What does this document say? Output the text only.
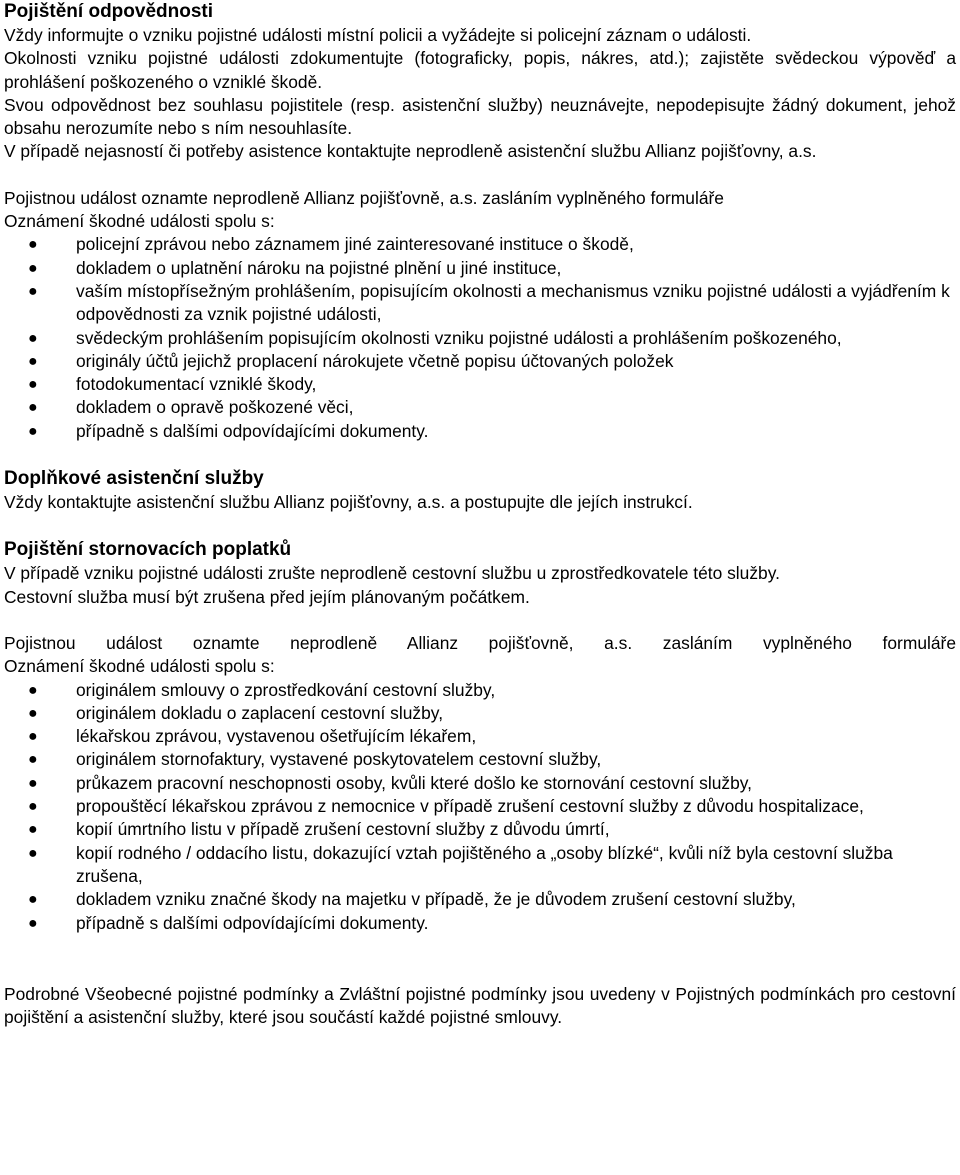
Pojištění odpovědnosti

Vždy informujte o vzniku pojistné události místní policii a vyžádejte si policejní záznam o události.

Okolnosti vzniku pojistné události zdokumentujte (fotograficky, popis, nákres, atd.); zajistěte svědeckou výpověď a prohlášení poškozeného o vzniklé škodě.

Svou odpovědnost bez souhlasu pojistitele (resp. asistenční služby) neuznávejte, nepodepisujte žádný dokument, jehož obsahu nerozumíte nebo s ním nesouhlasíte.

V případě nejasností či potřeby asistence kontaktujte neprodleně asistenční službu Allianz pojišťovny, a.s.

Pojistnou událost oznamte neprodleně Allianz pojišťovně, a.s. zasláním vyplněného formuláře

Oznámení škodné události spolu s:

● policejní zprávou nebo záznamem jiné zainteresované instituce o škodě,
● dokladem o uplatnění nároku na pojistné plnění u jiné instituce,
● vaším místopřísežným prohlášením, popisujícím okolnosti a mechanismus vzniku pojistné události a vyjádřením k odpovědnosti za vznik pojistné události,
● svědeckým prohlášením popisujícím okolnosti vzniku pojistné události a prohlášením poškozeného,
● originály účtů jejichž proplacení nárokujete včetně popisu účtovaných položek
● fotodokumentací vzniklé škody,
● dokladem o opravě poškozené věci,
● případně s dalšími odpovídajícími dokumenty.
Doplňkové asistenční služby

Vždy kontaktujte asistenční službu Allianz pojišťovny, a.s. a postupujte dle jejích instrukcí.

Pojištění stornovacích poplatků

V případě vzniku pojistné události zrušte neprodleně cestovní službu u zprostředkovatele této služby.

Cestovní služba musí být zrušena před jejím plánovaným počátkem.

Pojistnou událost oznamte neprodleně Allianz pojišťovně, a.s. zasláním vyplněného formuláře

Oznámení škodné události spolu s:

● originálem smlouvy o zprostředkování cestovní služby,
● originálem dokladu o zaplacení cestovní služby,
● lékařskou zprávou, vystavenou ošetřujícím lékařem,
● originálem stornofaktury, vystavené poskytovatelem cestovní služby,
● průkazem pracovní neschopnosti osoby, kvůli které došlo ke stornování cestovní služby,
● propouštěcí lékařskou zprávou z nemocnice v případě zrušení cestovní služby z důvodu hospitalizace,
● kopií úmrtního listu v případě zrušení cestovní služby z důvodu úmrtí,
● kopií rodného / oddacího listu, dokazující vztah pojištěného a „osoby blízké“, kvůli níž byla cestovní služba zrušena,
● dokladem vzniku značné škody na majetku v případě, že je důvodem zrušení cestovní služby,
● případně s dalšími odpovídajícími dokumenty.

Podrobné Všeobecné pojistné podmínky a Zvláštní pojistné podmínky jsou uvedeny v Pojistných podmínkách pro cestovní pojištění a asistenční služby, které jsou součástí každé pojistné smlouvy.
